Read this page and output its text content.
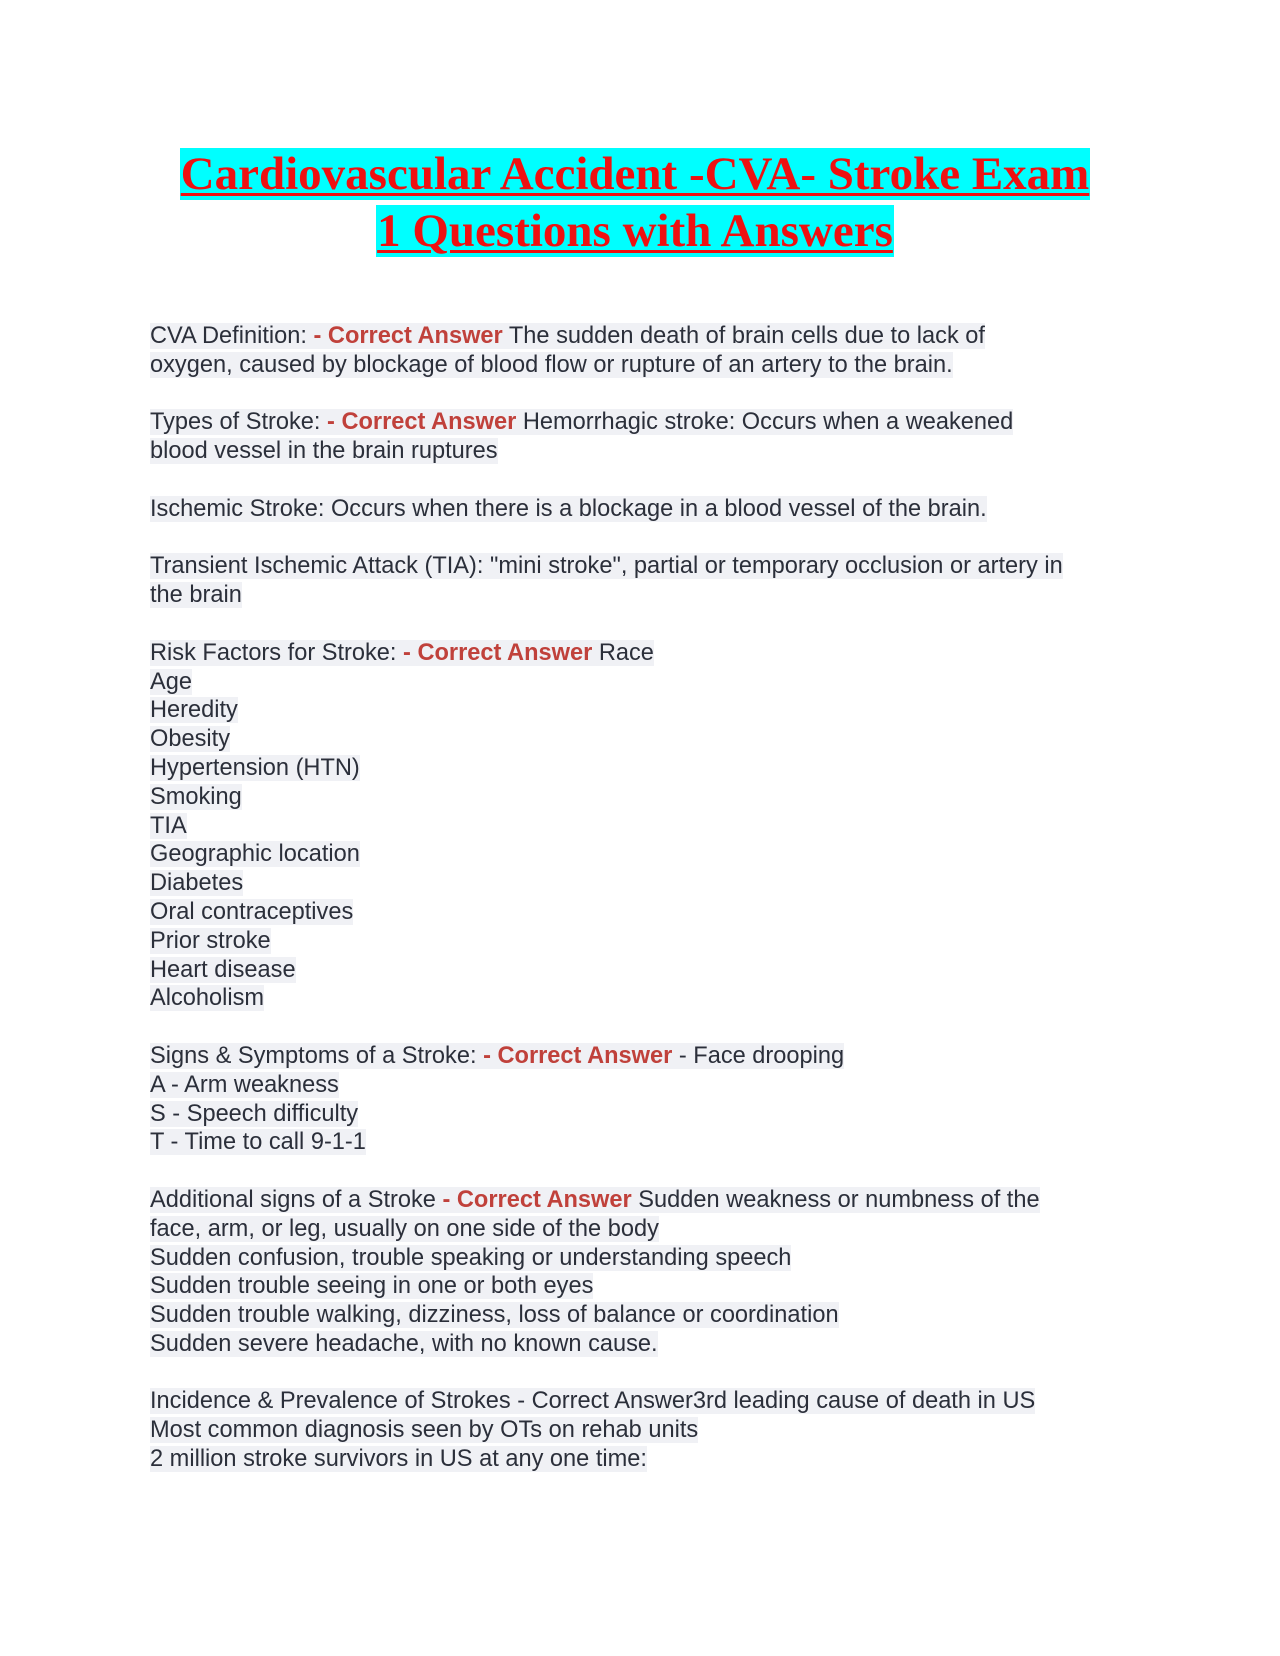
Cardiovascular Accident -CVA- Stroke Exam
1 Questions with Answers
CVA Definition: - Correct Answer The sudden death of brain cells due to lack of
oxygen, caused by blockage of blood flow or rupture of an artery to the brain.
Types of Stroke: - Correct Answer Hemorrhagic stroke: Occurs when a weakened
blood vessel in the brain ruptures
Ischemic Stroke: Occurs when there is a blockage in a blood vessel of the brain.
Transient Ischemic Attack (TIA): "mini stroke", partial or temporary occlusion or artery in
the brain
Risk Factors for Stroke: - Correct Answer Race
Age
Heredity
Obesity
Hypertension (HTN)
Smoking
TIA
Geographic location
Diabetes
Oral contraceptives
Prior stroke
Heart disease
Alcoholism
Signs & Symptoms of a Stroke: - Correct Answer - Face drooping
A - Arm weakness
S - Speech difficulty
T - Time to call 9-1-1
Additional signs of a Stroke - Correct Answer Sudden weakness or numbness of the
face, arm, or leg, usually on one side of the body
Sudden confusion, trouble speaking or understanding speech
Sudden trouble seeing in one or both eyes
Sudden trouble walking, dizziness, loss of balance or coordination
Sudden severe headache, with no known cause.
Incidence & Prevalence of Strokes - Correct Answer3rd leading cause of death in US
Most common diagnosis seen by OTs on rehab units
2 million stroke survivors in US at any one time:
